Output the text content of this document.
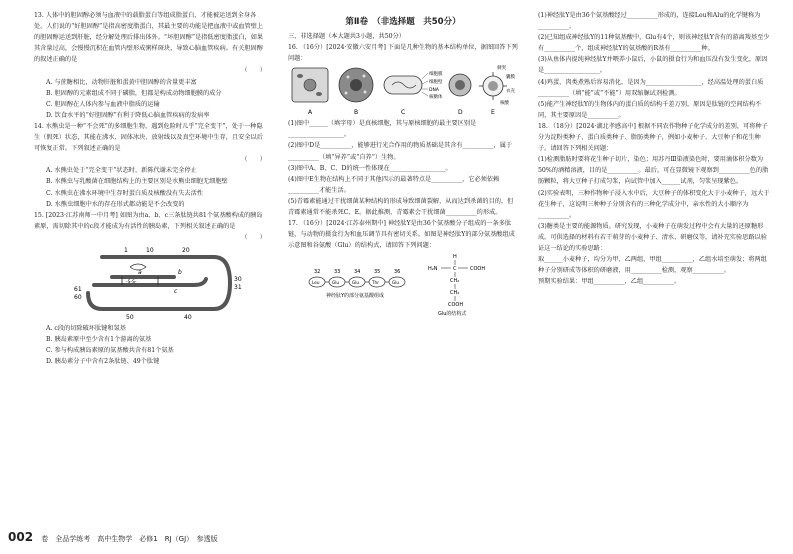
13. 人体中的胆固醇必须与血液中的载脂蛋白等组成脂蛋白，才能被运送到全身各处。人们说的“好胆固醇”是指高密度脂蛋白，其最主要的功能是把血液中或血管壁上的胆固醇运送到肝脏，经分解处理后排出体外。“坏胆固醇”是指低密度脂蛋白，如果其含量过高，会慢慢沉积在血管内壁形成粥样斑块，导致心脑血管疾病。有关胆固醇的叙述正确的是

（　　）

A. 与蔗糖相比，动物肝脏和蛋黄中胆固醇的含量更丰富

B. 胆固醇的元素组成不同于磷脂，但都是构成动物细胞膜的成分

C. 胆固醇在人体内参与血液中脂质的运输

D. 饮食水平的“好胆固醇”有利于降低心脑血管疾病的发病率

14. 水熊虫是一种“不会死”的多细胞生物，遇到危险时儿乎“完全变干”，处于一种隐生（假死）状态，其能在沸水、固体冰块、放射线以及真空环境中生存，且安全以后可恢复正常。下列叙述正确的是

（　　）

A. 水熊虫处于“完全变干”状态时，新陈代谢未完全停止

B. 水熊虫与乳酸菌在细胞结构上的主要区别是水熊虫细胞无细胞壁

C. 水熊虫在沸水环境中生存时蛋白质及核酸没有失去活性

D. 水熊虫细胞中水的存在形式都动能是不会改变的

15. [2023·江苏南师一中月考] 如图为由a、b、c三条肽链共81个氨基酸构成的胰岛素原，需切除其中的c段才能成为有活性的胰岛素，下列相关叙述正确的是

（　　）

1	10	20
a	b
c
30
31
40
50
61
60
-S-S-

A. c段的切除破坏肽键和氢基

B. 胰岛素原中至少含有1个游离的氨基

C. 参与构成胰岛素原的氨基酸共含有81个氨基

D. 胰岛素分子中含有2条肽链、49个肽键

第Ⅱ卷　（非选择题　共50分）

三、非选择题（本大题共3小题，共50分）

16. （16分）[2024·安徽六安月考] 下面是几种生物的基本结构单位，据图回答下列问题：

细胞膜
细胞壁
DNA
核糖体
刺突
囊膜
衣壳
核酸
A	B	C	D	E

(1)图中______（填字母）是真核细胞，其与原核细胞的最主要区别是__________________。

(2)图中D是__________，能够进行光合作用的物质基础是其含有__________，属于__________（填“异养”或“自养”）生物。

(3)图中A、B、C、D的统一性体现在__________________。

(4)图中E生物在结构上不同于其他四示的最著特点是__________，它必须依赖__________才能生活。

(5)青霉素能通过干扰细菌某种结构的形成导致细菌裂解，从而达到杀菌的目的，但青霉素通常不能杀死C、E。据此推测，青霉素会干扰细菌__________的形成。

17. （16分）[2024·江苏泰州期中] 神经肽Y是由36个氨基酸分子组成的一条多肽链，与动物的摄食行为和血压调节具有密切关系。如图是神经肽Y的部分氨基酸组成示意图和谷氨酸（Glu）的结构式，请回答下列问题：

32	33	34	35	36
Leu	Glu	Glu	Thr	Glu
神经肽Y的部分氨基酸组成
H
H₂N	C	COOH
CH₂
CH₂
COOH
Glu的结构式

(1)神经肽Y是由36个氨基酸经过__________形成的，连接Leu和Alu的化学键称为__________。

(2)已知组成神经肽Y的11种氨基酸中，Glu有4个，则该神经肽Y含有的游离羧基至少有__________个，组成神经肽Y的氨基酸的R基有__________种。

(3)从鱼体内提纯神经肽Y并喂养小鼠后，小鼠的摄食行为和血压没有发生变化，原因是__________________。

(4)鸡蛋、肉类煮熟后容易消化，是因为__________________，经高温处理的蛋白质__________（填“能”或“不能”）用双缩脲试剂检测。

(5)能产生神经肽Y的生物体内的蛋白质的结构千差万别，原因是肽链的空间结构不同，其主要原因是__________。

18. （18分）[2024·湖北孝感高中] 根据不同农作物种子化学成分的差别，可将种子分为淀粉类种子、蛋白质类种子、脂肪类种子，例如小麦种子、大豆种子和花生种子。请回答下列相关问题：

(1)检测脂肪时要将花生种子切片，染色；用苏丹Ⅲ染液染色时，要用滴体积分数为50%的酒精溶液，目的是__________。最后，可在显微镜下观察到__________色的脂肪颗粒，将大豆种子打成匀浆，向试管中加入______试剂，匀浆呈现紫色。

(2)实验表明，三种作物种子浸入水中后，大豆种子的体积变化大于小麦种子，远大于花生种子，这说明三种种子分别含有的三种化学成分中，亲水性的大小顺序为__________。

(3)糖类是主要的能源物质。研究发现，小麦种子在萌发过程中会有大量的还原糖形成。可供选择的材料有若干萌芽的小麦种子、清水、研磨仪等，请补充实验思路以验证这一结论的实验思路：

取______小麦种子，均分为甲、乙两组，甲组__________，乙组水培至萌发；将两组种子分别研成等体积的研磨液，用__________检测，观察__________。

预期实验结果：甲组__________，乙组__________。

002 卷　全品学练考　高中生物学　必修1　RJ（GJ）　参透版
